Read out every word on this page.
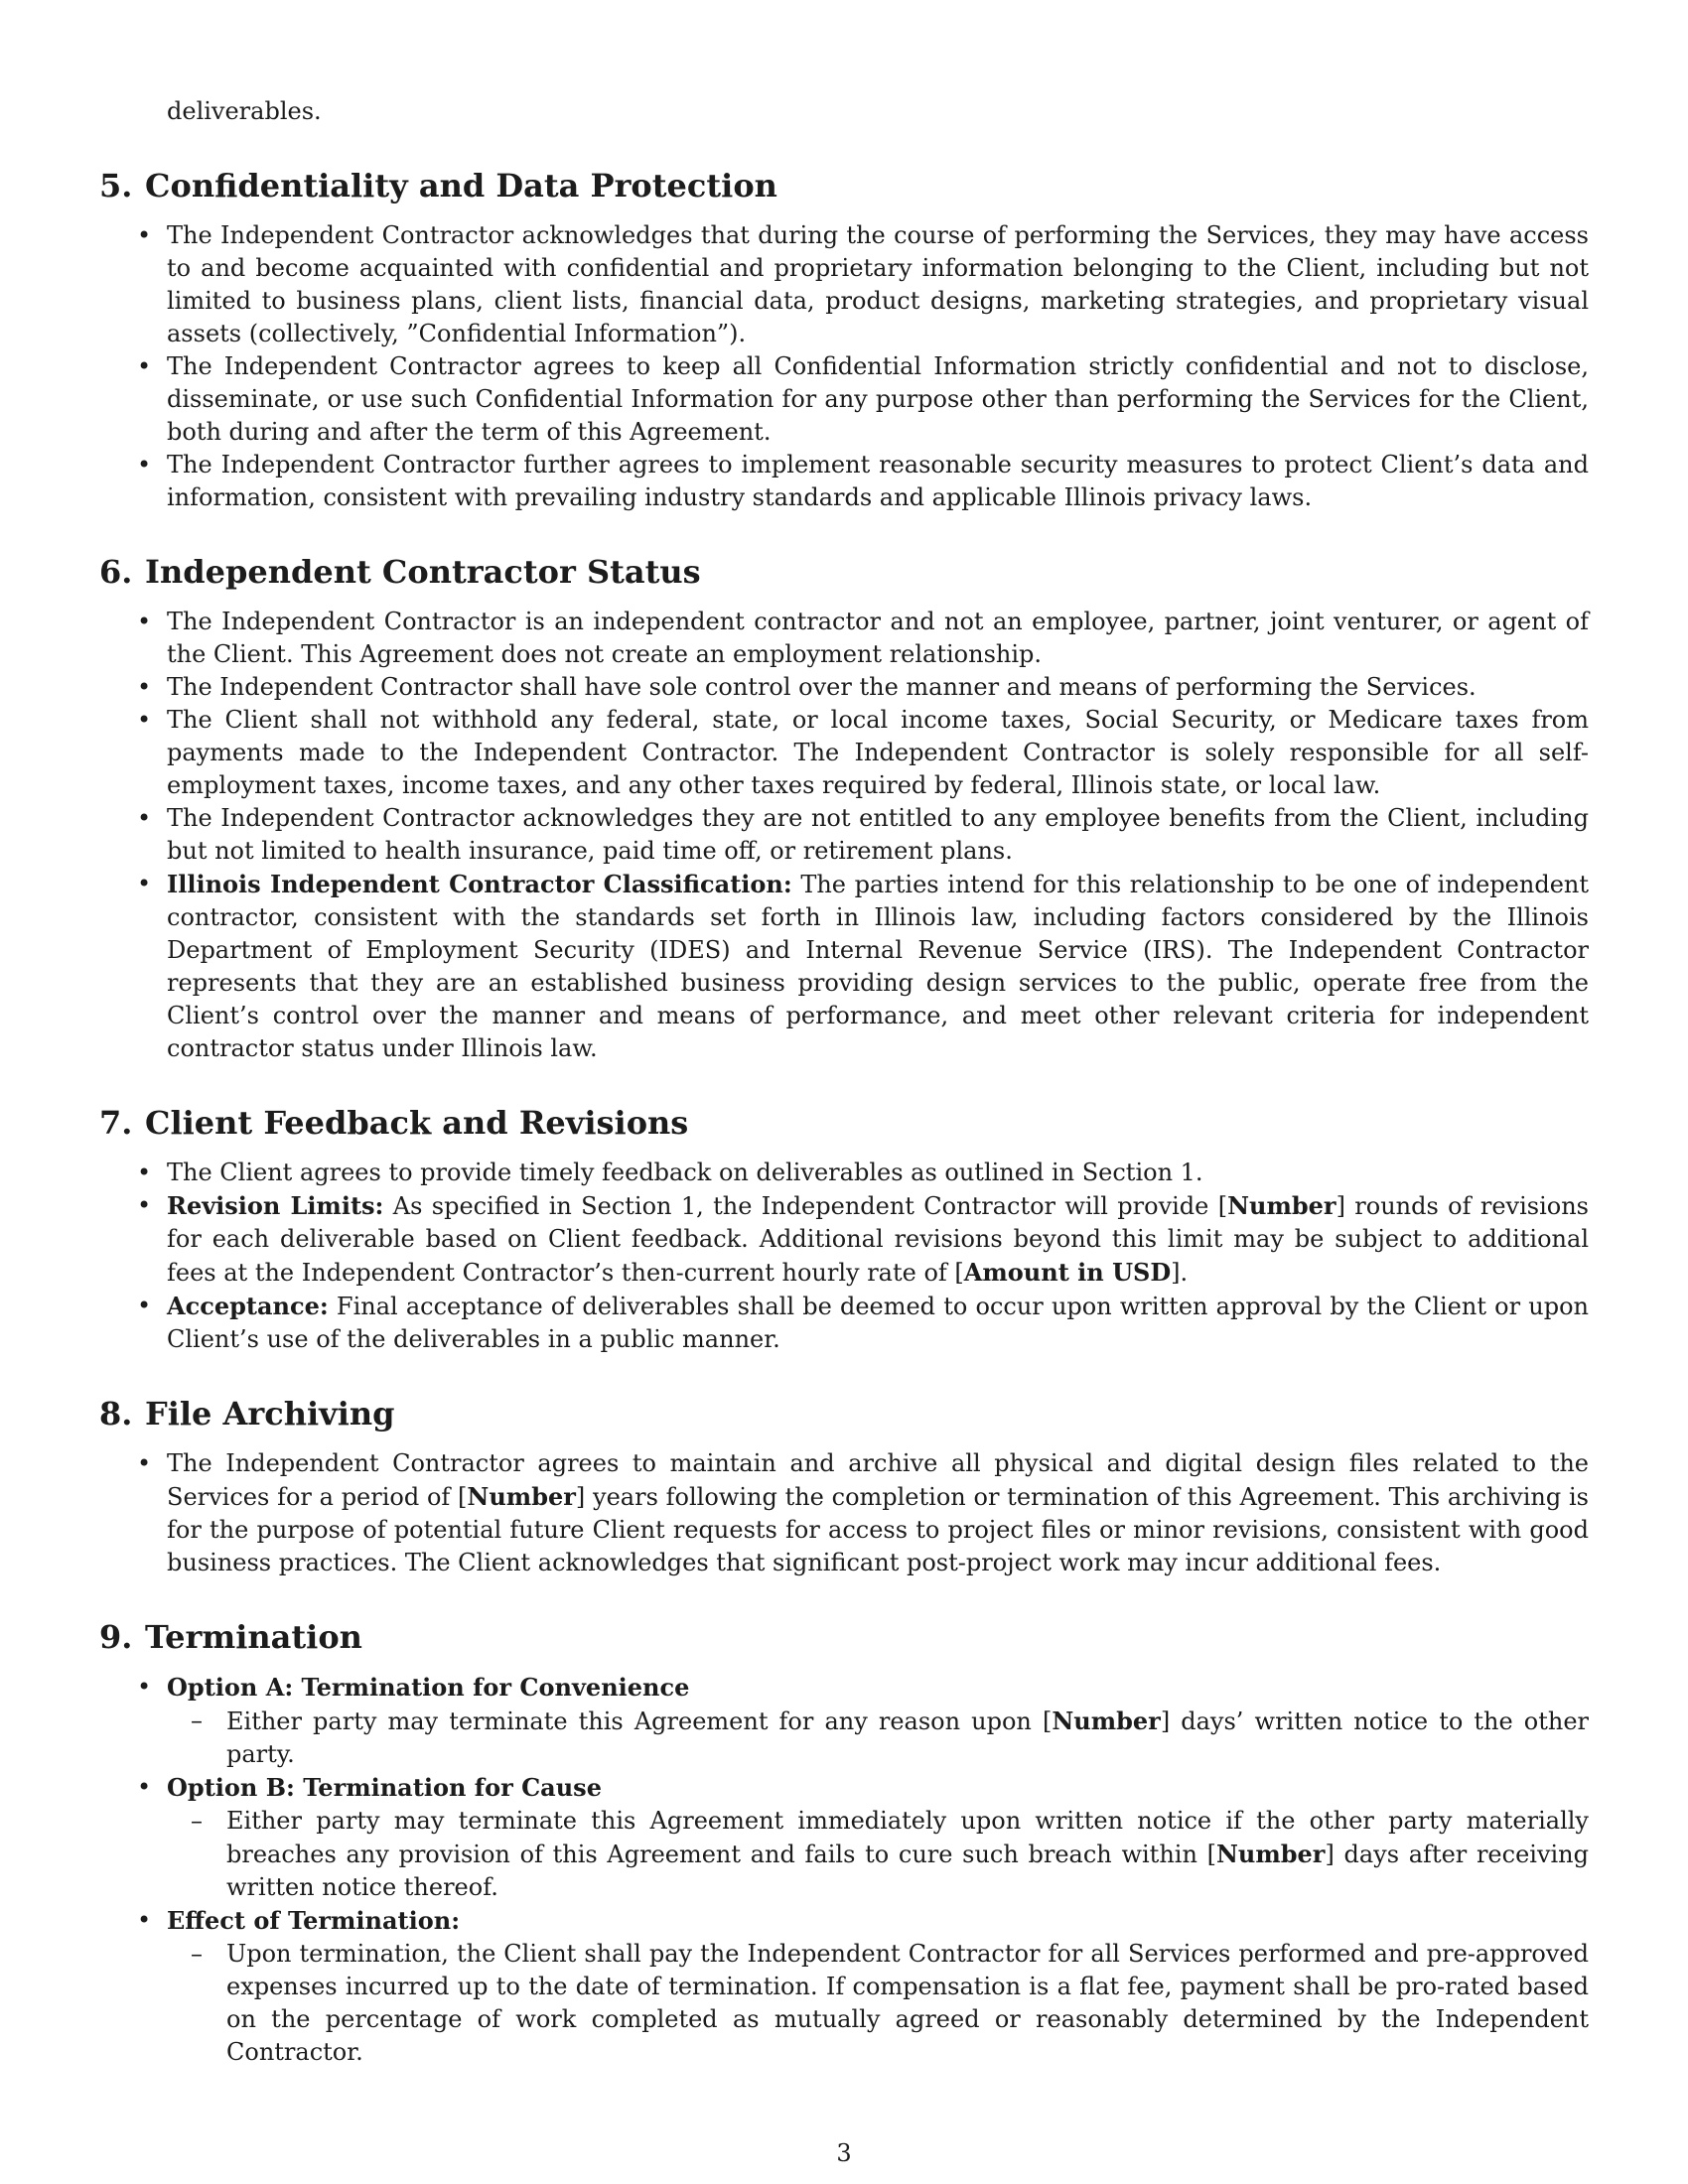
deliverables.
5. Confidentiality and Data Protection
• The Independent Contractor acknowledges that during the course of performing the Services, they may have access to and become acquainted with confidential and proprietary information belonging to the Client, including but not limited to business plans, client lists, financial data, product designs, marketing strategies, and proprietary visual assets (collectively, ”Confidential Information”).
• The Independent Contractor agrees to keep all Confidential Information strictly confidential and not to disclose, disseminate, or use such Confidential Information for any purpose other than performing the Services for the Client, both during and after the term of this Agreement.
• The Independent Contractor further agrees to implement reasonable security measures to protect Client’s data and information, consistent with prevailing industry standards and applicable Illinois privacy laws.
6. Independent Contractor Status
• The Independent Contractor is an independent contractor and not an employee, partner, joint venturer, or agent of the Client. This Agreement does not create an employment relationship.
• The Independent Contractor shall have sole control over the manner and means of performing the Services.
• The Client shall not withhold any federal, state, or local income taxes, Social Security, or Medicare taxes from payments made to the Independent Contractor. The Independent Contractor is solely responsible for all self-employment taxes, income taxes, and any other taxes required by federal, Illinois state, or local law.
• The Independent Contractor acknowledges they are not entitled to any employee benefits from the Client, including but not limited to health insurance, paid time off, or retirement plans.
• Illinois Independent Contractor Classification: The parties intend for this relationship to be one of independent contractor, consistent with the standards set forth in Illinois law, including factors considered by the Illinois Department of Employment Security (IDES) and Internal Revenue Service (IRS). The Independent Contractor represents that they are an established business providing design services to the public, operate free from the Client’s control over the manner and means of performance, and meet other relevant criteria for independent contractor status under Illinois law.
7. Client Feedback and Revisions
• The Client agrees to provide timely feedback on deliverables as outlined in Section 1.
• Revision Limits: As specified in Section 1, the Independent Contractor will provide [Number] rounds of revisions for each deliverable based on Client feedback. Additional revisions beyond this limit may be subject to additional fees at the Independent Contractor’s then-current hourly rate of [Amount in USD].
• Acceptance: Final acceptance of deliverables shall be deemed to occur upon written approval by the Client or upon Client’s use of the deliverables in a public manner.
8. File Archiving
• The Independent Contractor agrees to maintain and archive all physical and digital design files related to the Services for a period of [Number] years following the completion or termination of this Agreement. This archiving is for the purpose of potential future Client requests for access to project files or minor revisions, consistent with good business practices. The Client acknowledges that significant post-project work may incur additional fees.
9. Termination
• Option A: Termination for Convenience
– Either party may terminate this Agreement for any reason upon [Number] days’ written notice to the other party.
• Option B: Termination for Cause
– Either party may terminate this Agreement immediately upon written notice if the other party materially breaches any provision of this Agreement and fails to cure such breach within [Number] days after receiving written notice thereof.
• Effect of Termination:
– Upon termination, the Client shall pay the Independent Contractor for all Services performed and pre-approved expenses incurred up to the date of termination. If compensation is a flat fee, payment shall be pro-rated based on the percentage of work completed as mutually agreed or reasonably determined by the Independent Contractor.
3
